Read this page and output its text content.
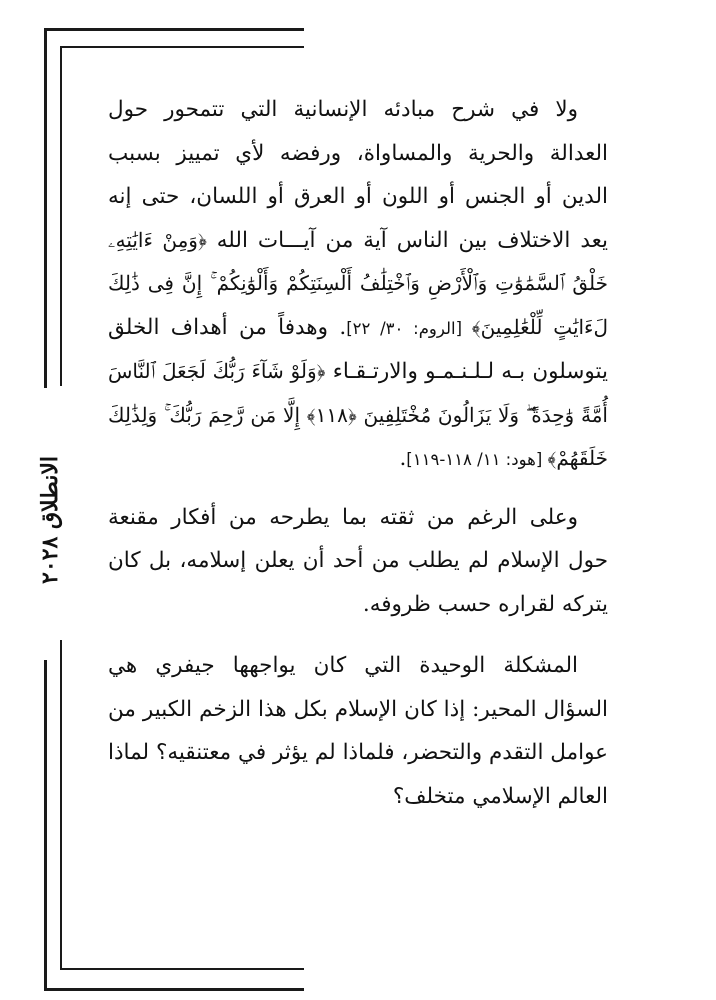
الانطلاق ٢٠٢٨

ولا في شرح مبادئه الإنسانية التي تتمحور حول العدالة والحرية والمساواة، ورفضه لأي تمييز بسبب الدين أو الجنس أو اللون أو العرق أو اللسان، حتى إنه يعد الاختلاف بين الناس آية من آيـــات الله ﴿وَمِنْ ءَايَٰتِهِۦ خَلْقُ ٱلسَّمَٰوَٰتِ وَٱلْأَرْضِ وَٱخْتِلَٰفُ أَلْسِنَتِكُمْ وَأَلْوَٰنِكُمْ ۚ إِنَّ فِى ذَٰلِكَ لَءَايَٰتٍ لِّلْعَٰلِمِينَ﴾ [الروم: ٣٠/ ٢٢]. وهدفاً من أهداف الخلق يتوسلون بـه لـلـنـمـو والارتـقـاء ﴿وَلَوْ شَآءَ رَبُّكَ لَجَعَلَ ٱلنَّاسَ أُمَّةً وَٰحِدَةً ۖ وَلَا يَزَالُونَ مُخْتَلِفِينَ ﴿١١٨﴾ إِلَّا مَن رَّحِمَ رَبُّكَ ۚ وَلِذَٰلِكَ خَلَقَهُمْ﴾ [هود: ١١/ ١١٨-١١٩].

وعلى الرغم من ثقته بما يطرحه من أفكار مقنعة حول الإسلام لم يطلب من أحد أن يعلن إسلامه، بل كان يتركه لقراره حسب ظروفه.

المشكلة الوحيدة التي كان يواجهها جيفري هي السؤال المحير: إذا كان الإسلام بكل هذا الزخم الكبير من عوامل التقدم والتحضر، فلماذا لم يؤثر في معتنقيه؟ لماذا العالم الإسلامي متخلف؟
